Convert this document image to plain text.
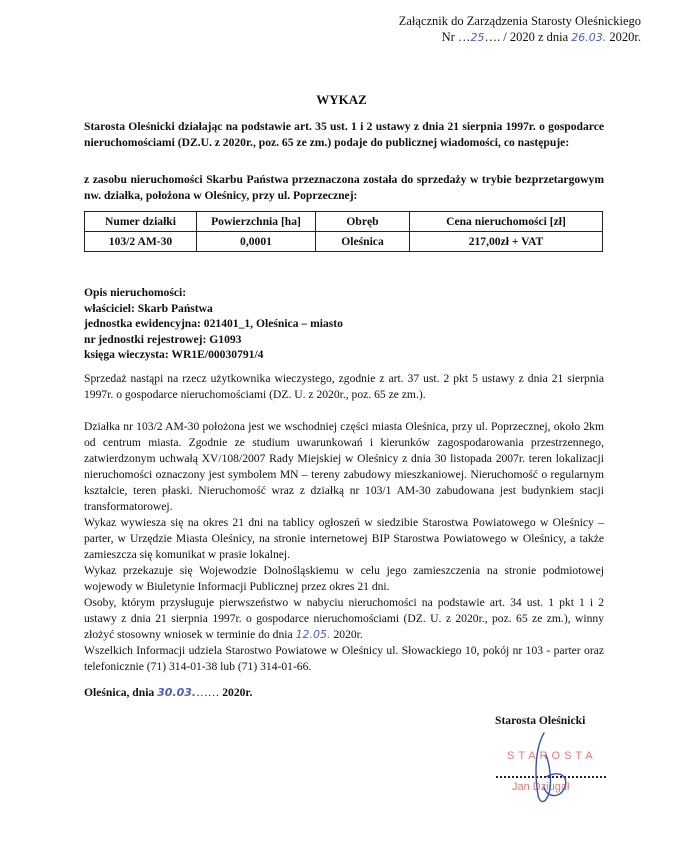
Załącznik do Zarządzenia Starosty Oleśnickiego
Nr …25…. / 2020 z dnia 26.03. 2020r.
WYKAZ
Starosta Oleśnicki działając na podstawie art. 35 ust. 1 i 2 ustawy z dnia 21 sierpnia 1997r. o gospodarce nieruchomościami (DZ.U. z 2020r., poz. 65 ze zm.) podaje do publicznej wiadomości, co następuje:
z zasobu nieruchomości Skarbu Państwa przeznaczona została do sprzedaży w trybie bezprzetargowym nw. działka, położona w Oleśnicy, przy ul. Poprzecznej:
Numer działki	Powierzchnia [ha]	Obręb	Cena nieruchomości [zł]
103/2 AM-30	0,0001	Oleśnica	217,00zł + VAT
Opis nieruchomości:
właściciel: Skarb Państwa
jednostka ewidencyjna: 021401_1, Oleśnica – miasto
nr jednostki rejestrowej: G1093
księga wieczysta: WR1E/00030791/4
Sprzedaż nastąpi na rzecz użytkownika wieczystego, zgodnie z art. 37 ust. 2 pkt 5 ustawy z dnia 21 sierpnia 1997r. o gospodarce nieruchomościami (DZ. U. z 2020r., poz. 65 ze zm.).
Działka nr 103/2 AM-30 położona jest we wschodniej części miasta Oleśnica, przy ul. Poprzecznej, około 2km od centrum miasta. Zgodnie ze studium uwarunkowań i kierunków zagospodarowania przestrzennego, zatwierdzonym uchwałą XV/108/2007 Rady Miejskiej w Oleśnicy z dnia 30 listopada 2007r. teren lokalizacji nieruchomości oznaczony jest symbolem MN – tereny zabudowy mieszkaniowej. Nieruchomość o regularnym kształcie, teren płaski. Nieruchomość wraz z działką nr 103/1 AM-30 zabudowana jest budynkiem stacji transformatorowej.
Wykaz wywiesza się na okres 21 dni na tablicy ogłoszeń w siedzibie Starostwa Powiatowego w Oleśnicy – parter, w Urzędzie Miasta Oleśnicy, na stronie internetowej BIP Starostwa Powiatowego w Oleśnicy, a także zamieszcza się komunikat w prasie lokalnej.
Wykaz przekazuje się Wojewodzie Dolnośląskiemu w celu jego zamieszczenia na stronie podmiotowej wojewody w Biuletynie Informacji Publicznej przez okres 21 dni.
Osoby, którym przysługuje pierwszeństwo w nabyciu nieruchomości na podstawie art. 34 ust. 1 pkt 1 i 2 ustawy z dnia 21 sierpnia 1997r. o gospodarce nieruchomościami (DZ. U. z 2020r., poz. 65 ze zm.), winny złożyć stosowny wniosek w terminie do dnia 12.05. 2020r.
Wszelkich Informacji udziela Starostwo Powiatowe w Oleśnicy ul. Słowackiego 10, pokój nr 103 - parter oraz telefonicznie (71) 314-01-38 lub (71) 314-01-66.
Oleśnica, dnia 30.03.…… 2020r.
Starosta Oleśnicki
STAROSTA
Jan Dziugał
